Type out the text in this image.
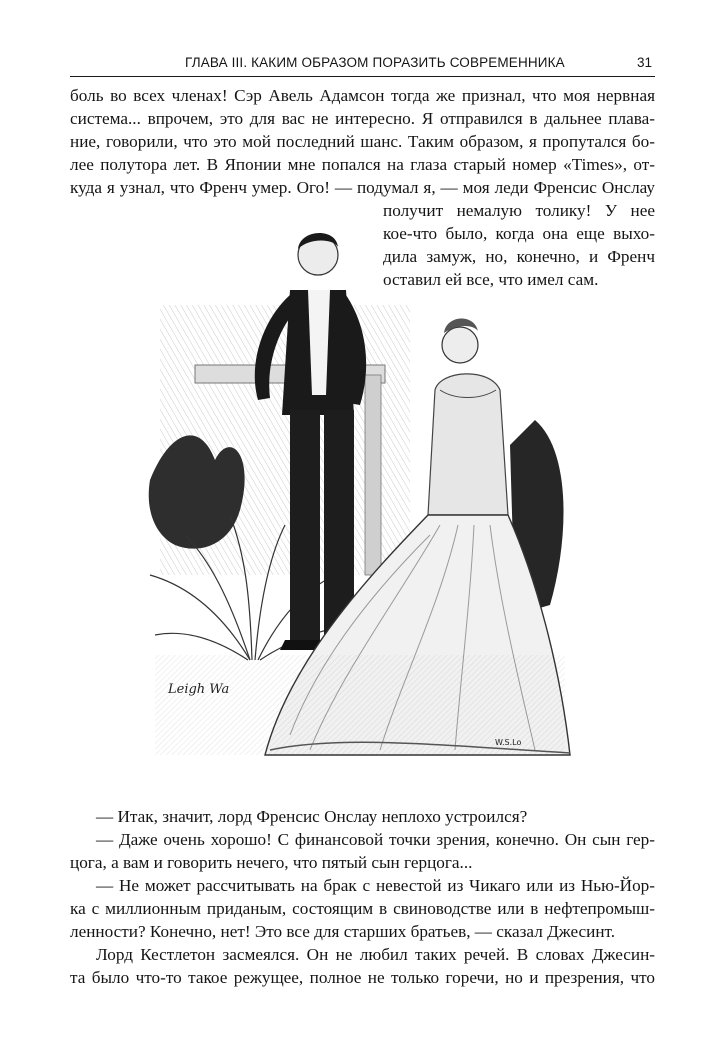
ГЛАВА III. КАКИМ ОБРАЗОМ ПОРАЗИТЬ СОВРЕМЕННИКА	31
боль во всех членах! Сэр Авель Адамсон тогда же признал, что моя нервная
система... впрочем, это для вас не интересно. Я отправился в дальнее плава-
ние, говорили, что это мой последний шанс. Таким образом, я пропутался бо-
лее полутора лет. В Японии мне попался на глаза старый номер «Times», от-
куда я узнал, что Френч умер. Ого! — подумал я, — моя леди Френсис Онслау
получит немалую толику! У нее
кое-что было, когда она еще выхо-
дила замуж, но, конечно, и Френч
оставил ей все, что имел сам.
Leigh Wa
W.S.Lo
— Итак, значит, лорд Френсис Онслау неплохо устроился?
— Даже очень хорошо! С финансовой точки зрения, конечно. Он сын гер-
цога, а вам и говорить нечего, что пятый сын герцога...
— Не может рассчитывать на брак с невестой из Чикаго или из Нью-Йор-
ка с миллионным приданым, состоящим в свиноводстве или в нефтепромыш-
ленности? Конечно, нет! Это все для старших братьев, — сказал Джесинт.
Лорд Кестлетон засмеялся. Он не любил таких речей. В словах Джесин-
та было что-то такое режущее, полное не только горечи, но и презрения, что
